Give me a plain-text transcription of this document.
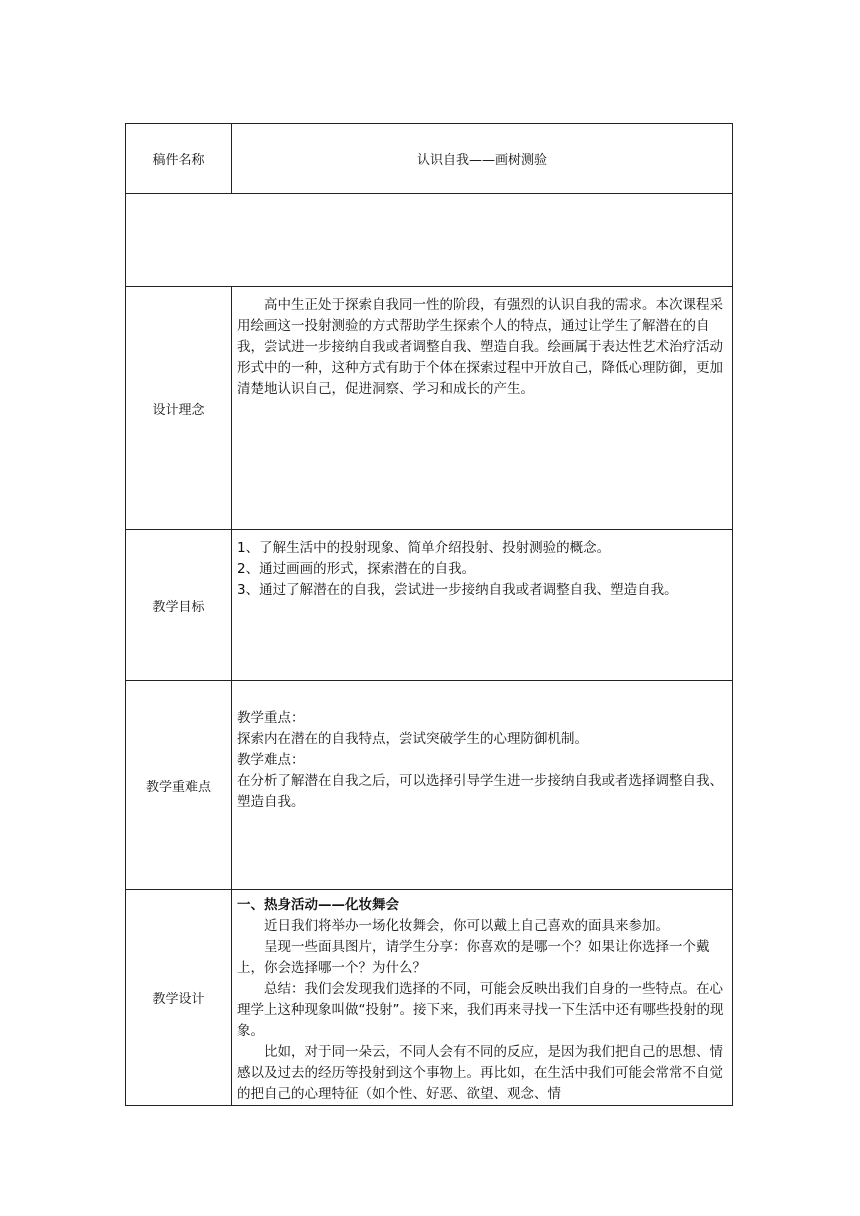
稿件名称	认识自我——画树测验

设计理念	高中生正处于探索自我同一性的阶段，有强烈的认识自我的需求。本次课程采用绘画这一投射测验的方式帮助学生探索个人的特点，通过让学生了解潜在的自我，尝试进一步接纳自我或者调整自我、塑造自我。绘画属于表达性艺术治疗活动形式中的一种，这种方式有助于个体在探索过程中开放自己，降低心理防御，更加清楚地认识自己，促进洞察、学习和成长的产生。

教学目标	1、了解生活中的投射现象、简单介绍投射、投射测验的概念。

2、通过画画的形式，探索潜在的自我。

3、通过了解潜在的自我，尝试进一步接纳自我或者调整自我、塑造自我。

教学重难点	教学重点：

探索内在潜在的自我特点，尝试突破学生的心理防御机制。

教学难点：

在分析了解潜在自我之后，可以选择引导学生进一步接纳自我或者选择调整自我、塑造自我。

教学设计	一、热身活动——化妆舞会

近日我们将举办一场化妆舞会，你可以戴上自己喜欢的面具来参加。

呈现一些面具图片，请学生分享：你喜欢的是哪一个？如果让你选择一个戴上，你会选择哪一个？为什么？

总结：我们会发现我们选择的不同，可能会反映出我们自身的一些特点。在心理学上这种现象叫做“投射”。接下来，我们再来寻找一下生活中还有哪些投射的现象。

比如，对于同一朵云，不同人会有不同的反应，是因为我们把自己的思想、情感以及过去的经历等投射到这个事物上。再比如，在生活中我们可能会常常不自觉的把自己的心理特征（如个性、好恶、欲望、观念、情
